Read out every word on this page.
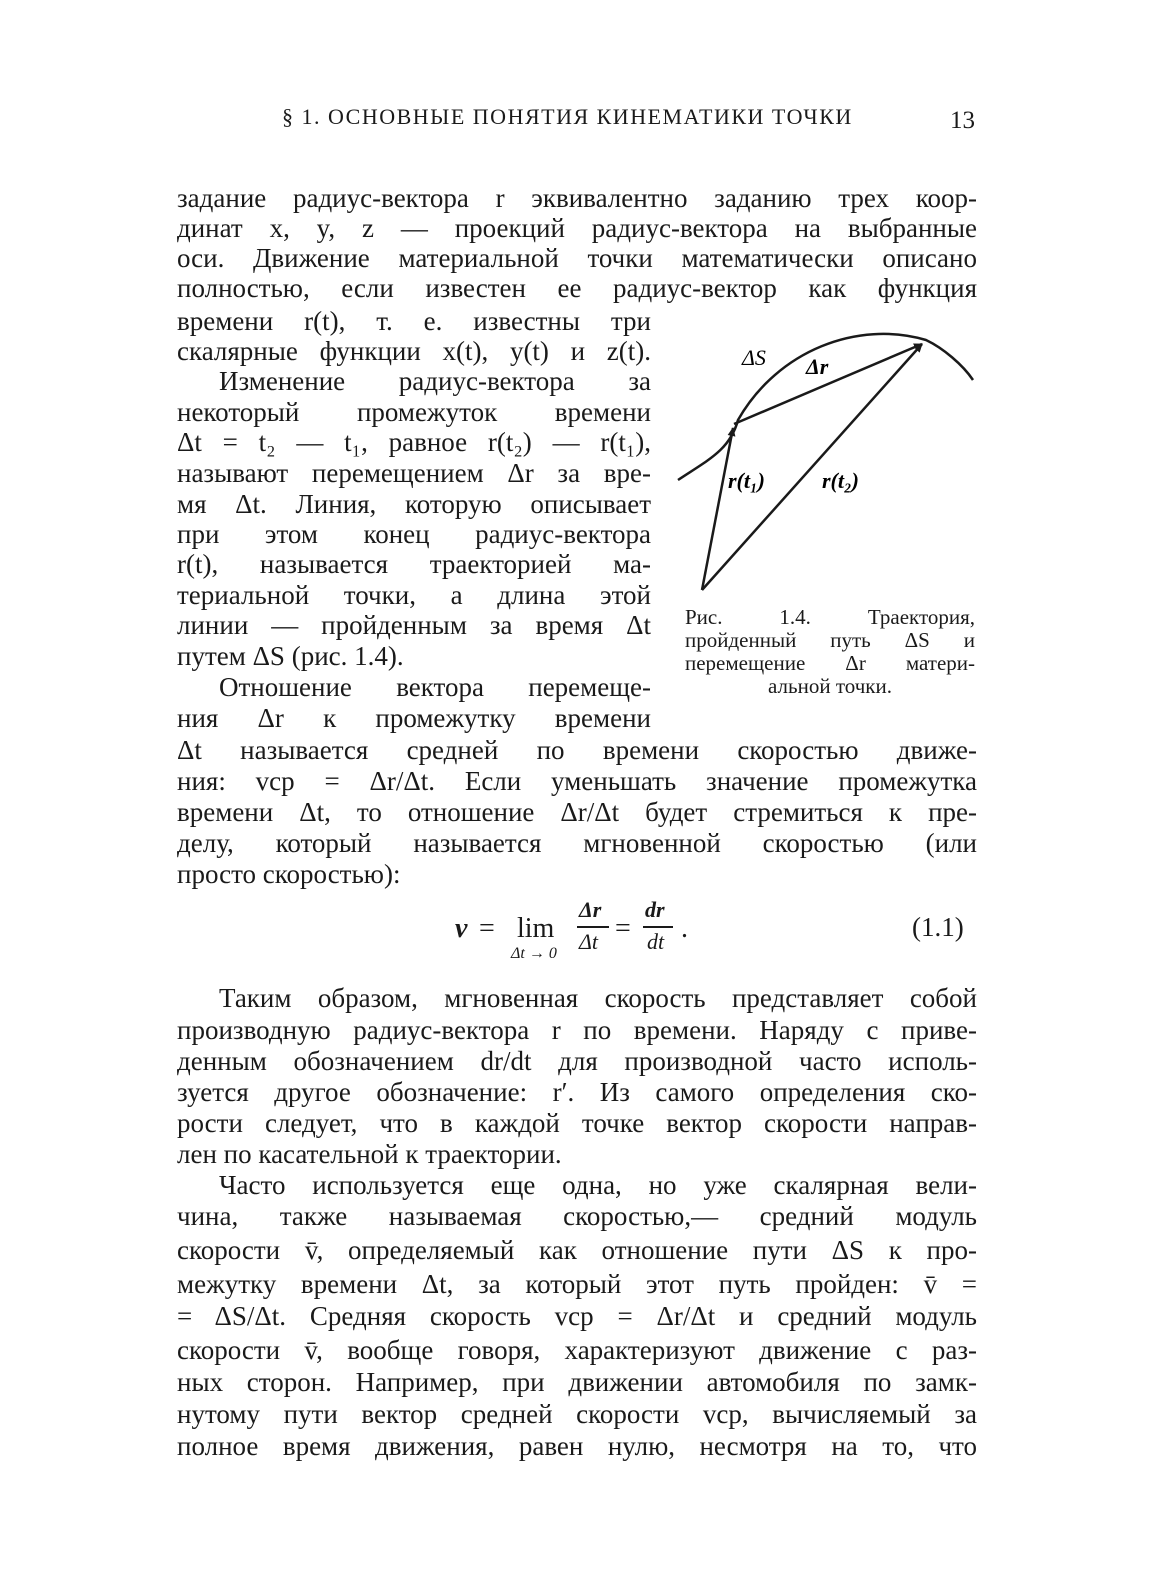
§ 1. ОСНОВНЫЕ ПОНЯТИЯ КИНЕМАТИКИ ТОЧКИ	13
задание радиус-вектора r эквивалентно заданию трех коор-
динат x, y, z — проекций радиус-вектора на выбранные
оси. Движение материальной точки математически описано
полностью, если известен ее радиус-вектор как функция
времени r(t), т. е. известны три
скалярные функции x(t), y(t) и z(t).
Изменение радиус-вектора за
некоторый промежуток времени
Δt = t₂ — t₁, равное r(t₂) — r(t₁),
называют перемещением Δr за вре-
мя Δt. Линия, которую описывает
при этом конец радиус-вектора
r(t), называется траекторией ма-
териальной точки, а длина этой
линии — пройденным за время Δt
путем ΔS (рис. 1.4).
Отношение вектора перемеще-
ния Δr к промежутку времени
Δt называется средней по времени скоростью движе-
ния: vср = Δr/Δt. Если уменьшать значение промежутка
времени Δt, то отношение Δr/Δt будет стремиться к пре-
делу, который называется мгновенной скоростью (или
просто скоростью):
ΔS Δr
r(t₁)	r(t₂)
Рис. 1.4. Траектория,
пройденный путь ΔS и
перемещение Δr матери-
альной точки.
v = lim
Δt → 0
Δr
Δt =
dr
dt .	(1.1)
Таким образом, мгновенная скорость представляет собой
производную радиус-вектора r по времени. Наряду с приве-
денным обозначением dr/dt для производной часто исполь-
зуется другое обозначение: r′. Из самого определения ско-
рости следует, что в каждой точке вектор скорости направ-
лен по касательной к траектории.
Часто используется еще одна, но уже скалярная вели-
чина, также называемая скоростью,— средний модуль
скорости v̄, определяемый как отношение пути ΔS к про-
межутку времени Δt, за который этот путь пройден: v̄ =
= ΔS/Δt. Средняя скорость vср = Δr/Δt и средний модуль
скорости v̄, вообще говоря, характеризуют движение с раз-
ных сторон. Например, при движении автомобиля по замк-
нутому пути вектор средней скорости vср, вычисляемый за
полное время движения, равен нулю, несмотря на то, что
